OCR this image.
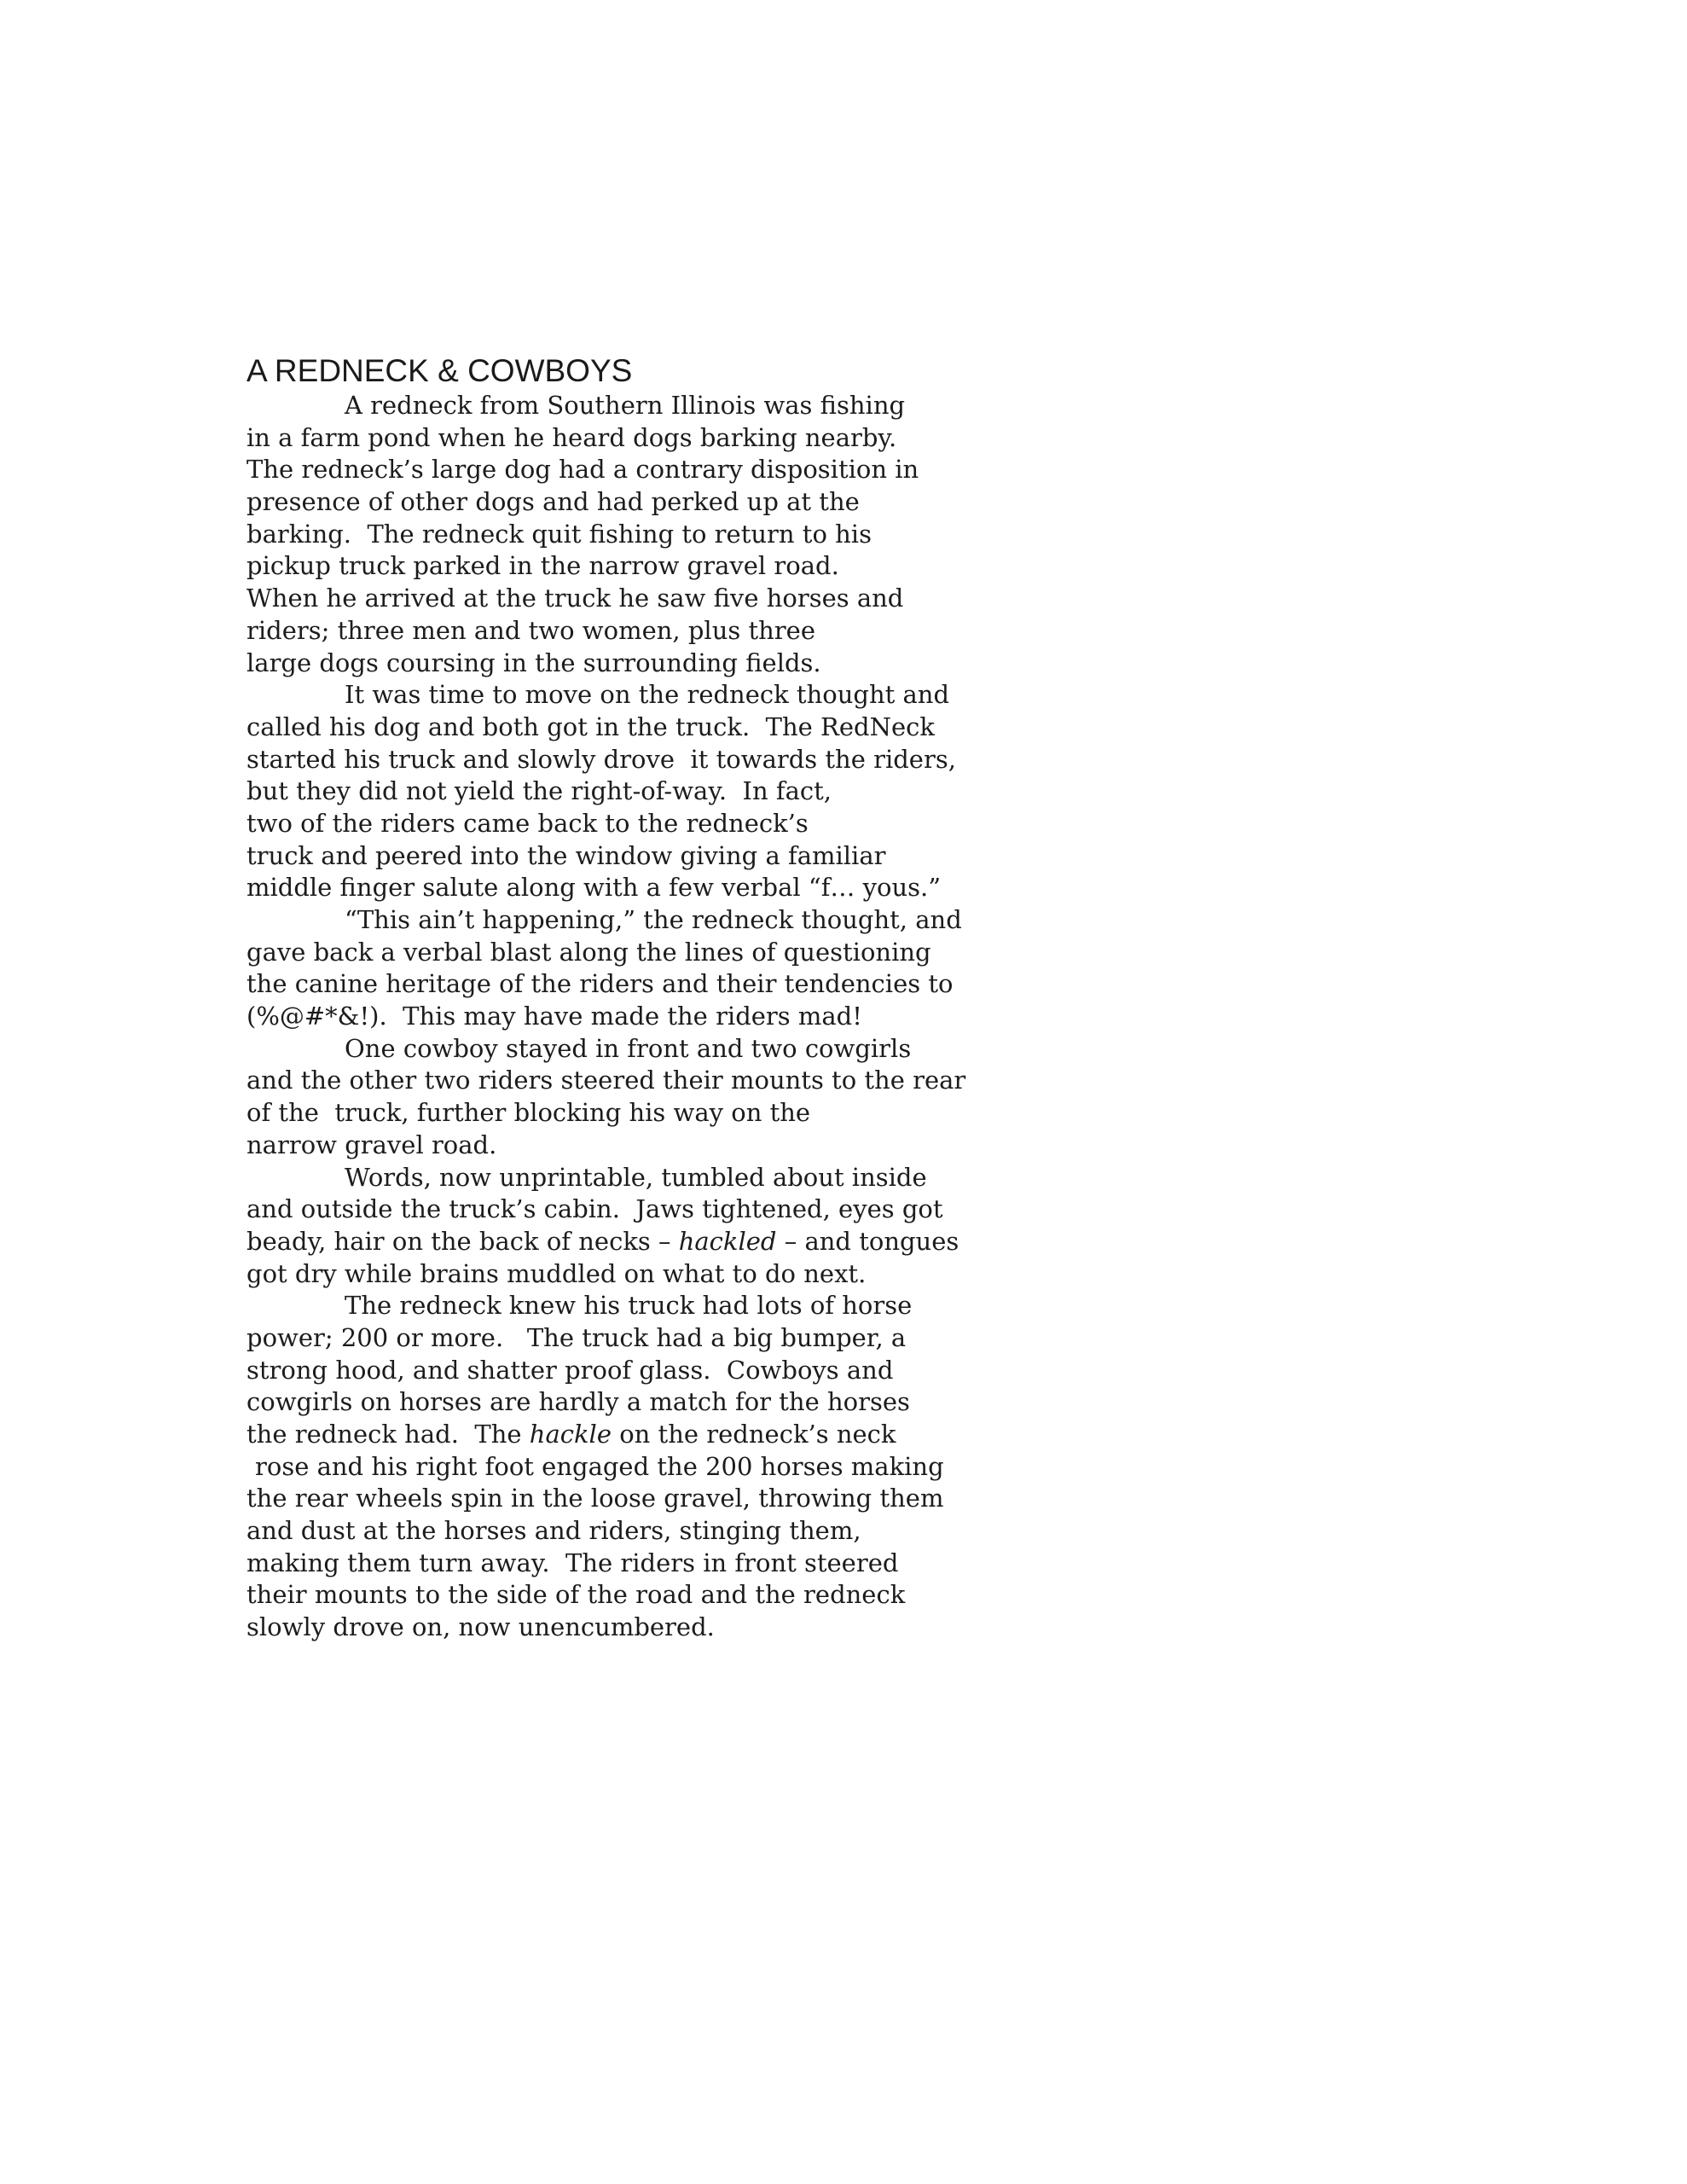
A REDNECK & COWBOYS
A redneck from Southern Illinois was fishing
in a farm pond when he heard dogs barking nearby.
The redneck’s large dog had a contrary disposition in
presence of other dogs and had perked up at the
barking.  The redneck quit fishing to return to his
pickup truck parked in the narrow gravel road.
When he arrived at the truck he saw five horses and
riders; three men and two women, plus three
large dogs coursing in the surrounding fields.
It was time to move on the redneck thought and
called his dog and both got in the truck.  The RedNeck
started his truck and slowly drove  it towards the riders,
but they did not yield the right-of-way.  In fact,
two of the riders came back to the redneck’s
truck and peered into the window giving a familiar
middle finger salute along with a few verbal “f… yous.”
“This ain’t happening,” the redneck thought, and
gave back a verbal blast along the lines of questioning
the canine heritage of the riders and their tendencies to
(%@#*&!).  This may have made the riders mad!
One cowboy stayed in front and two cowgirls
and the other two riders steered their mounts to the rear
of the  truck, further blocking his way on the
narrow gravel road.
Words, now unprintable, tumbled about inside
and outside the truck’s cabin.  Jaws tightened, eyes got
beady, hair on the back of necks – hackled – and tongues
got dry while brains muddled on what to do next.
The redneck knew his truck had lots of horse
power; 200 or more.   The truck had a big bumper, a
strong hood, and shatter proof glass.  Cowboys and
cowgirls on horses are hardly a match for the horses
the redneck had.  The hackle on the redneck’s neck
rose and his right foot engaged the 200 horses making
the rear wheels spin in the loose gravel, throwing them
and dust at the horses and riders, stinging them,
making them turn away.  The riders in front steered
their mounts to the side of the road and the redneck
slowly drove on, now unencumbered.
